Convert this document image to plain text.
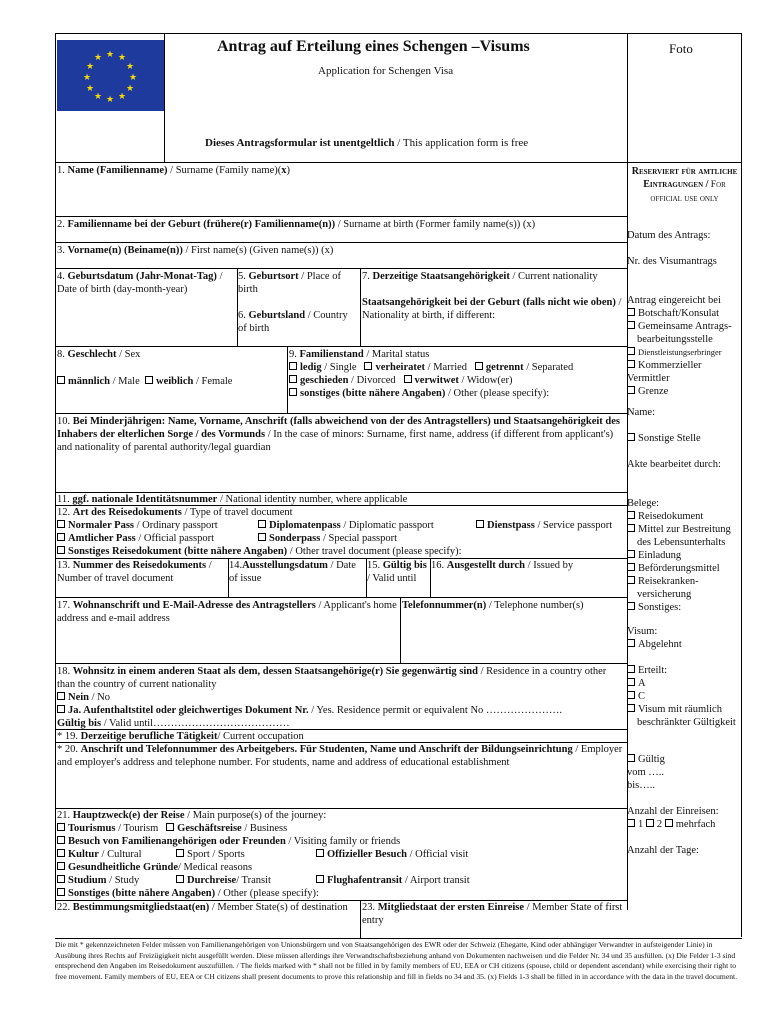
★ ★
★
★
★
★
★
★
★
★
★
★
Antrag auf Erteilung eines Schengen –Visums
Application for Schengen Visa
Dieses Antragsformular ist unentgeltlich / This application form is free
Foto
1. Name (Familienname) / Surname (Family name)(x)
2. Familienname bei der Geburt (frühere(r) Familienname(n)) / Surname at birth (Former family name(s)) (x)
3. Vorname(n) (Beiname(n)) / First name(s) (Given name(s)) (x)
4. Geburtsdatum (Jahr-Monat-Tag) / Date of birth (day-month-year)
5. Geburtsort / Place of birth
6. Geburtsland / Country of birth
7. Derzeitige Staatsangehörigkeit / Current nationality
Staatsangehörigkeit bei der Geburt (falls nicht wie oben) / Nationality at birth, if different:
8. Geschlecht / Sex
männlich / Male weiblich / Female
9. Familienstand / Marital status
ledig / Single verheiratet / Married getrennt / Separated
geschieden / Divorced verwitwet / Widow(er)
sonstiges (bitte nähere Angaben) / Other (please specify):
10. Bei Minderjährigen: Name, Vorname, Anschrift (falls abweichend von der des Antragstellers) und Staatsangehörigkeit des Inhabers der elterlichen Sorge / des Vormunds / In the case of minors: Surname, first name, address (if different from applicant's) and nationality of parental authority/legal guardian
11. ggf. nationale Identitätsnummer / National identity number, where applicable
12. Art des Reisedokuments / Type of travel document
Normaler Pass / Ordinary passport	Diplomatenpass / Diplomatic passport	Dienstpass / Service passport
Amtlicher Pass / Official passport	Sonderpass / Special passport
Sonstiges Reisedokument (bitte nähere Angaben) / Other travel document (please specify):
13. Nummer des Reisedokuments / Number of travel document
14.Ausstellungsdatum / Date of issue
15. Gültig bis / Valid until
16. Ausgestellt durch / Issued by
17. Wohnanschrift und E-Mail-Adresse des Antragstellers / Applicant's home address and e-mail address
Telefonnummer(n) / Telephone number(s)
18. Wohnsitz in einem anderen Staat als dem, dessen Staatsangehörige(r) Sie gegenwärtig sind / Residence in a country other than the country of current nationality
Nein / No
Ja. Aufenthaltstitel oder gleichwertiges Dokument Nr. / Yes. Residence permit or equivalent No ………………….
Gültig bis / Valid until…………………………………
* 19. Derzeitige berufliche Tätigkeit/ Current occupation
* 20. Anschrift und Telefonnummer des Arbeitgebers. Für Studenten, Name und Anschrift der Bildungseinrichtung / Employer and employer's address and telephone number. For students, name and address of educational establishment
21. Hauptzweck(e) der Reise / Main purpose(s) of the journey:
Tourismus / Tourism Geschäftsreise / Business
Besuch von Familienangehörigen oder Freunden / Visiting family or friends
Kultur / Cultural	Sport / Sports	Offizieller Besuch / Official visit
Gesundheitliche Gründe/ Medical reasons
Studium / Study	Durchreise/ Transit	Flughafentransit / Airport transit
Sonstiges (bitte nähere Angaben) / Other (please specify):
22. Bestimmungsmitgliedstaat(en) / Member State(s) of destination	23. Mitgliedstaat der ersten Einreise / Member State of first entry
Reserviert für amtliche Eintragungen / For official use only
Datum des Antrags:
Nr. des Visumantrags
Antrag eingereicht bei
Botschaft/Konsulat
Gemeinsame Antrags-bearbeitungsstelle
Dienstleistungserbringer
Kommerzieller Vermittler
Grenze
Name:
Sonstige Stelle
Akte bearbeitet durch:
Belege:
Reisedokument
Mittel zur Bestreitung des Lebensunterhalts
Einladung
Beförderungsmittel
Reisekranken-versicherung
Sonstiges:
Visum:
Abgelehnt
Erteilt:
A
C
Visum mit räumlich beschränkter Gültigkeit
Gültig
vom …..
bis…..
Anzahl der Einreisen:
1 2 mehrfach
Anzahl der Tage:
Die mit * gekennzeichneten Felder müssen von Familienangehörigen von Unionsbürgern und von Staatsangehörigen des EWR oder der Schweiz (Ehegatte, Kind oder abhängiger Verwandter in aufsteigender Linie) in Ausübung ihres Rechts auf Freizügigkeit nicht ausgefüllt werden. Diese müssen allerdings ihre Verwandtschaftsbeziehung anhand von Dokumenten nachweisen und die Felder Nr. 34 und 35 ausfüllen. (x) Die Felder 1-3 sind entsprechend den Angaben im Reisedokument auszufüllen. / The fields marked with * shall not be filled in by family members of EU, EEA or CH citizens (spouse, child or dependent ascendant) while exercising their right to free movement. Family members of EU, EEA or CH citizens shall present documents to prove this relationship and fill in fields no 34 and 35. (x) Fields 1-3 shall be filled in in accordance with the data in the travel document.
